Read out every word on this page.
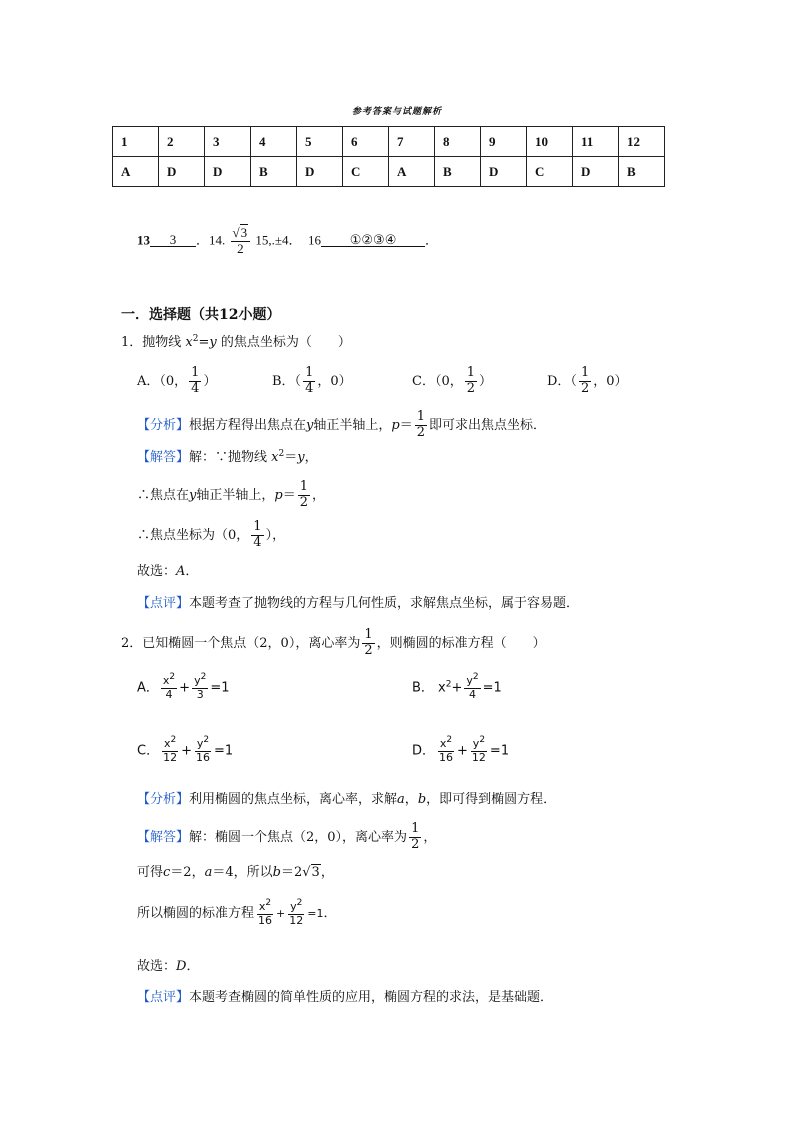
参考答案与试题解析
1	2	3	4	5	6	7	8	9	10	11	12
A	D	D	B	D	C	A	B	D	C	D	B
13 3 ．14. $\frac{√3}{2} 15,.\pm 4$． 16 ①②③④ ．
一．选择题（共12小题）
1．抛物线 $x^2=y$ 的焦点坐标为（　　）
A．（0， $\frac{1}{4}$ ）	B．（ $\frac{1}{4}$ ，0）	C．（0， $\frac{1}{2}$ ）	D．（ $\frac{1}{2}$ ，0）
【分析】根据方程得出焦点在y轴正半轴上，$p= \frac{1}{2}$ 即可求出焦点坐标．
【解答】解：∵抛物线 $x^2=y$，
∴焦点在y轴正半轴上，$p= \frac{1}{2}$ ，
∴焦点坐标为（0， $\frac{1}{4}$ ），
故选：A．
【点评】本题考查了抛物线的方程与几何性质，求解焦点坐标，属于容易题．
2．已知椭圆一个焦点（2，0），离心率为 $\frac{1}{2}$ ，则椭圆的标准方程（　　）
A． $\frac{x^2}{4} + \frac{y^2}{3} =1$	B． $x^2+ \frac{y^2}{4} =1$
C． $\frac{x^2}{12} + \frac{y^2}{16} =1$	D． $\frac{x^2}{16} + \frac{y^2}{12} =1$
【分析】利用椭圆的焦点坐标，离心率，求解a，b，即可得到椭圆方程．
【解答】解：椭圆一个焦点（2，0），离心率为 $\frac{1}{2}$ ，
可得c＝2，a＝4，所以b＝2√3，
所以椭圆的标准方程 $\frac{x^2}{16} + \frac{y^2}{12} =1$．
故选：D．
【点评】本题考查椭圆的简单性质的应用，椭圆方程的求法，是基础题．
